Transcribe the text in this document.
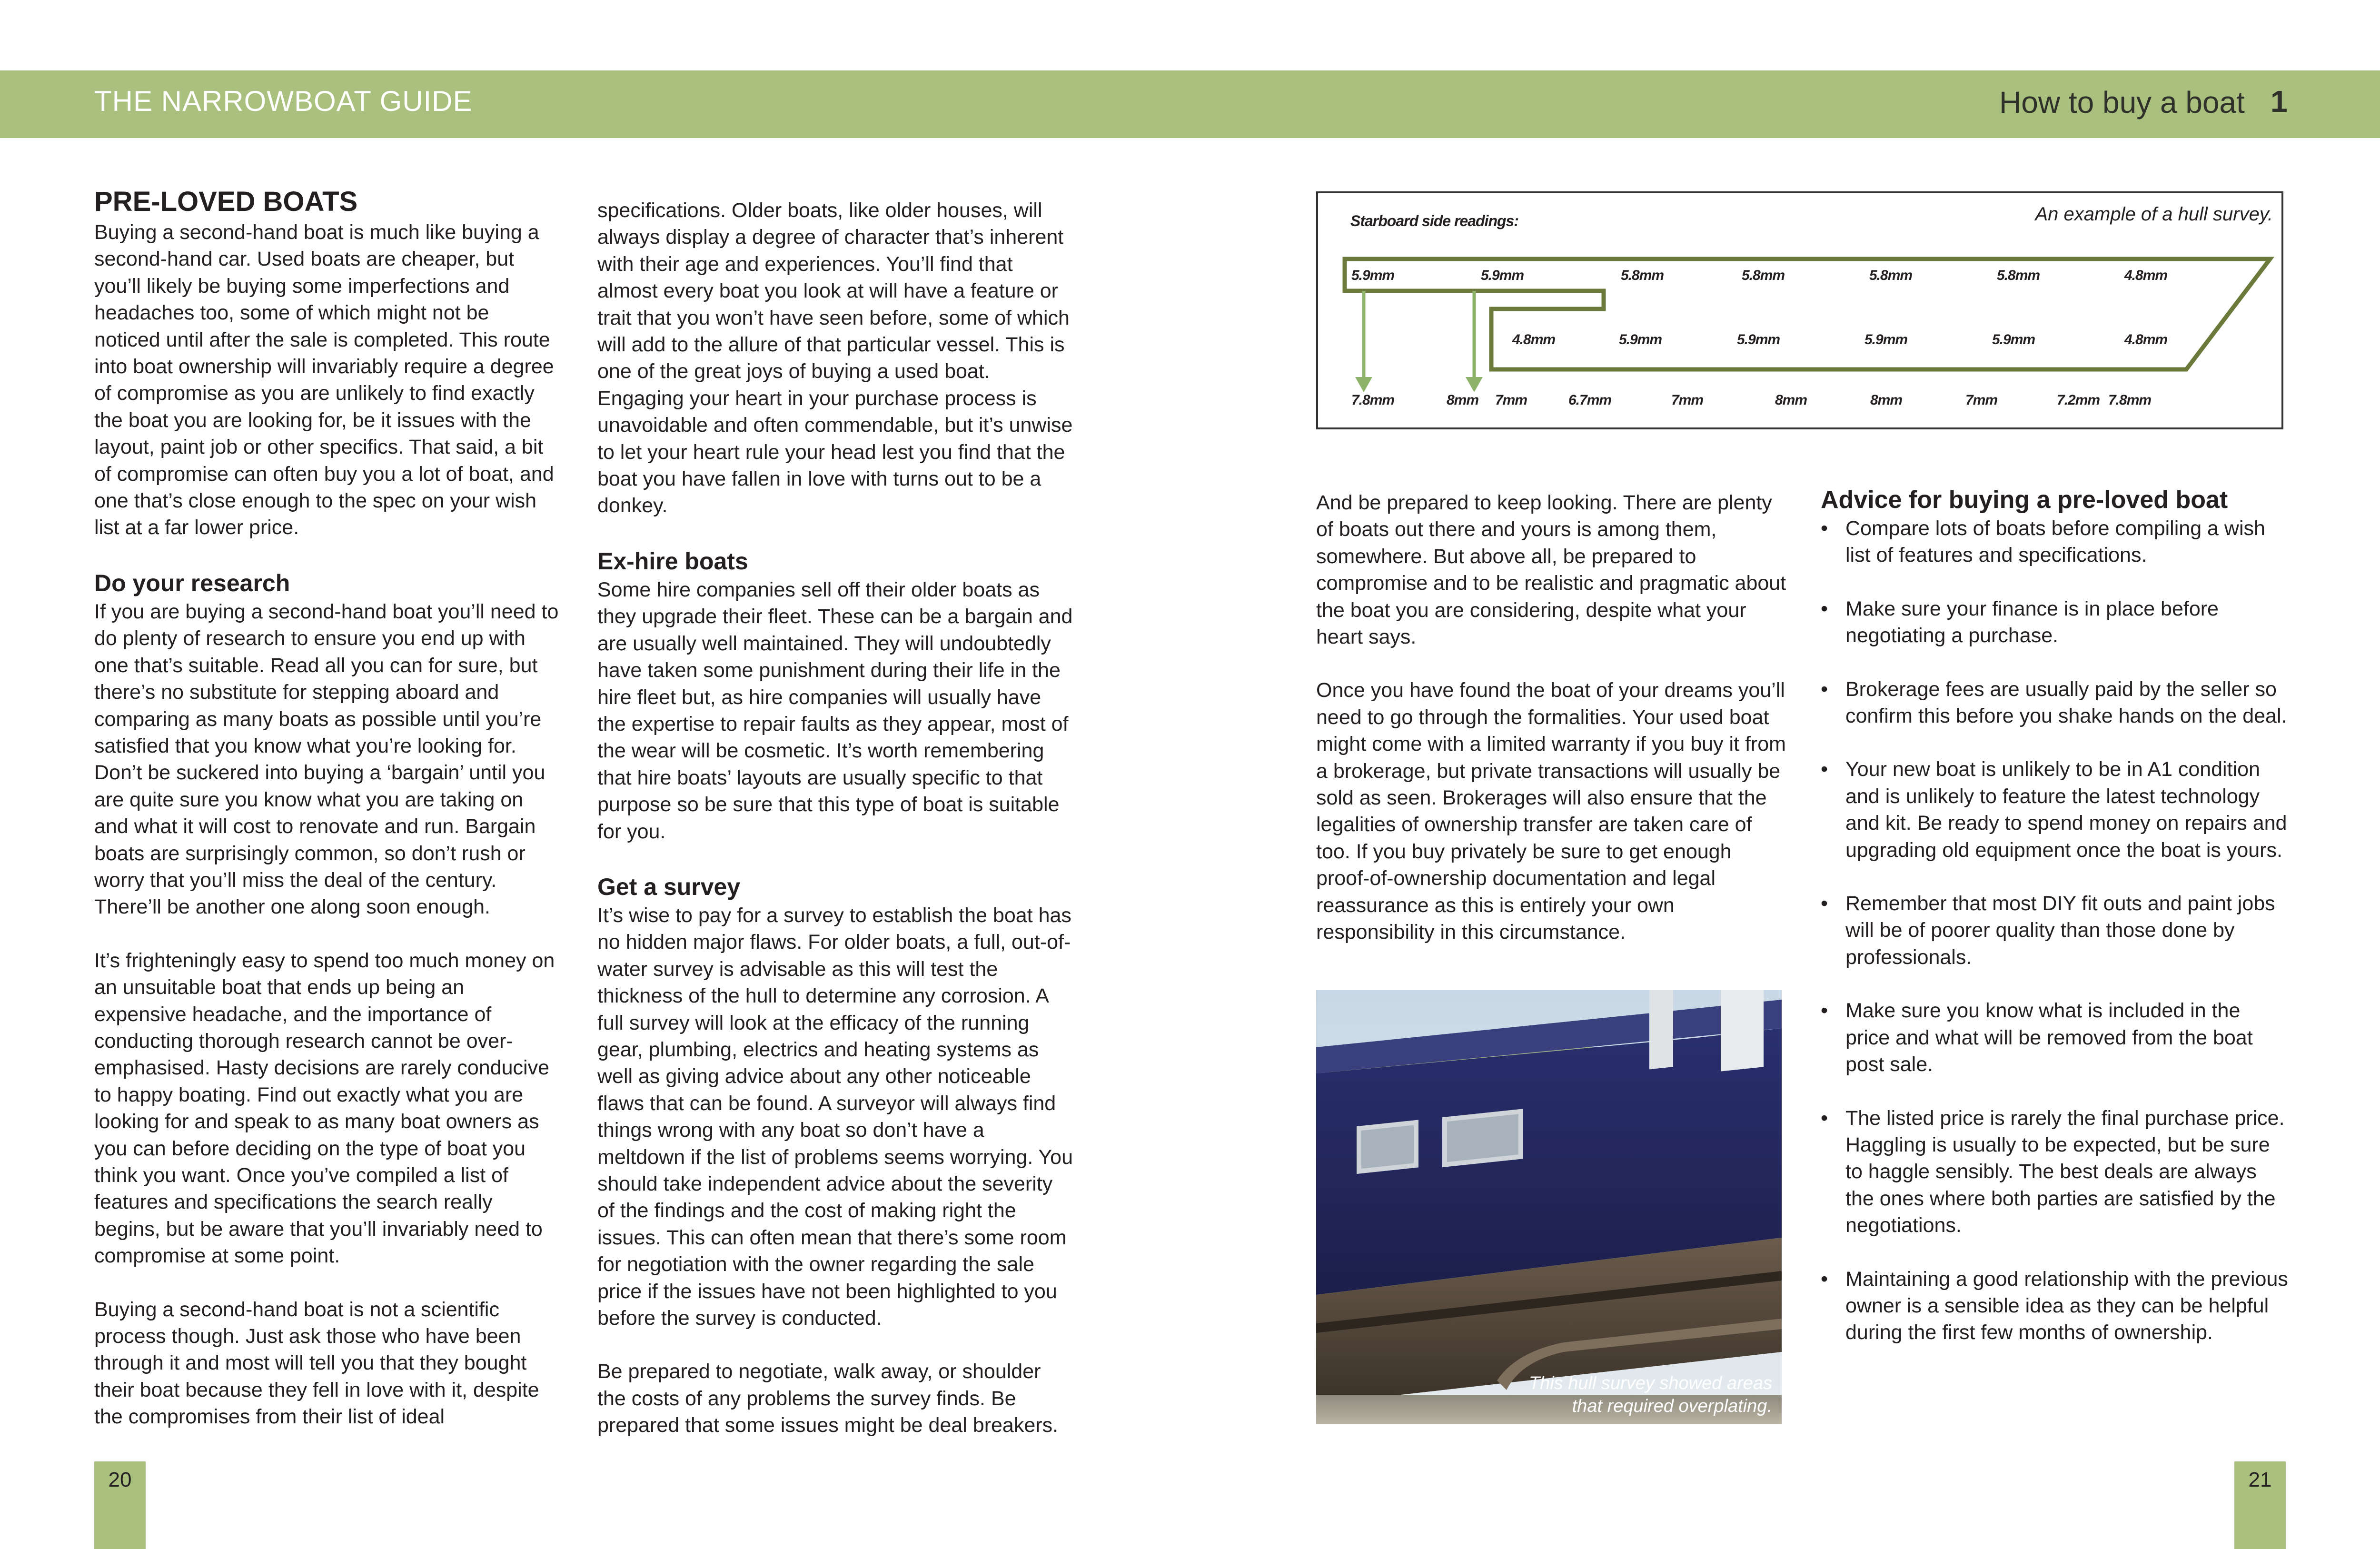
THE NARROWBOAT GUIDE	How to buy a boat 1
PRE-LOVED BOATS

Buying a second-hand boat is much like buying a second-hand car. Used boats are cheaper, but you’ll likely be buying some imperfections and headaches too, some of which might not be noticed until after the sale is completed. This route into boat ownership will invariably require a degree of compromise as you are unlikely to find exactly the boat you are looking for, be it issues with the layout, paint job or other specifics. That said, a bit of compromise can often buy you a lot of boat, and one that’s close enough to the spec on your wish list at a far lower price.

Do your research

If you are buying a second-hand boat you’ll need to do plenty of research to ensure you end up with one that’s suitable. Read all you can for sure, but there’s no substitute for stepping aboard and comparing as many boats as possible until you’re satisfied that you know what you’re looking for. Don’t be suckered into buying a ‘bargain’ until you are quite sure you know what you are taking on and what it will cost to renovate and run. Bargain boats are surprisingly common, so don’t rush or worry that you’ll miss the deal of the century. There’ll be another one along soon enough.

It’s frighteningly easy to spend too much money on an unsuitable boat that ends up being an expensive headache, and the importance of conducting thorough research cannot be over-emphasised. Hasty decisions are rarely conducive to happy boating. Find out exactly what you are looking for and speak to as many boat owners as you can before deciding on the type of boat you think you want. Once you’ve compiled a list of features and specifications the search really begins, but be aware that you’ll invariably need to compromise at some point.

Buying a second-hand boat is not a scientific process though. Just ask those who have been through it and most will tell you that they bought their boat because they fell in love with it, despite the compromises from their list of ideal

specifications. Older boats, like older houses, will always display a degree of character that’s inherent with their age and experiences. You’ll find that almost every boat you look at will have a feature or trait that you won’t have seen before, some of which will add to the allure of that particular vessel. This is one of the great joys of buying a used boat. Engaging your heart in your purchase process is unavoidable and often commendable, but it’s unwise to let your heart rule your head lest you find that the boat you have fallen in love with turns out to be a donkey.

Ex-hire boats

Some hire companies sell off their older boats as they upgrade their fleet. These can be a bargain and are usually well maintained. They will undoubtedly have taken some punishment during their life in the hire fleet but, as hire companies will usually have the expertise to repair faults as they appear, most of the wear will be cosmetic. It’s worth remembering that hire boats’ layouts are usually specific to that purpose so be sure that this type of boat is suitable for you.

Get a survey

It’s wise to pay for a survey to establish the boat has no hidden major flaws. For older boats, a full, out-of-water survey is advisable as this will test the thickness of the hull to determine any corrosion. A full survey will look at the efficacy of the running gear, plumbing, electrics and heating systems as well as giving advice about any other noticeable flaws that can be found. A surveyor will always find things wrong with any boat so don’t have a meltdown if the list of problems seems worrying. You should take independent advice about the severity of the findings and the cost of making right the issues. This can often mean that there’s some room for negotiation with the owner regarding the sale price if the issues have not been highlighted to you before the survey is conducted.

Be prepared to negotiate, walk away, or shoulder the costs of any problems the survey finds. Be prepared that some issues might be deal breakers.

Starboard side readings:	An example of a hull survey.
5.9mm	5.9mm	5.8mm	5.8mm	5.8mm	5.8mm	4.8mm
4.8mm	5.9mm	5.9mm	5.9mm	5.9mm	4.8mm
7.8mm	8mm 7mm	6.7mm	7mm	8mm	8mm	7mm	7.2mm 7.8mm

And be prepared to keep looking. There are plenty of boats out there and yours is among them, somewhere. But above all, be prepared to compromise and to be realistic and pragmatic about the boat you are considering, despite what your heart says.

Once you have found the boat of your dreams you’ll need to go through the formalities. Your used boat might come with a limited warranty if you buy it from a brokerage, but private transactions will usually be sold as seen. Brokerages will also ensure that the legalities of ownership transfer are taken care of too. If you buy privately be sure to get enough proof-of-ownership documentation and legal reassurance as this is entirely your own responsibility in this circumstance.

This hull survey showed areas that required overplating.
Advice for buying a pre-loved boat
• Compare lots of boats before compiling a wish list of features and specifications.
• Make sure your finance is in place before negotiating a purchase.
• Brokerage fees are usually paid by the seller so confirm this before you shake hands on the deal.
• Your new boat is unlikely to be in A1 condition and is unlikely to feature the latest technology and kit. Be ready to spend money on repairs and upgrading old equipment once the boat is yours.
• Remember that most DIY fit outs and paint jobs will be of poorer quality than those done by professionals.
• Make sure you know what is included in the price and what will be removed from the boat post sale.
• The listed price is rarely the final purchase price. Haggling is usually to be expected, but be sure to haggle sensibly. The best deals are always the ones where both parties are satisfied by the negotiations.
• Maintaining a good relationship with the previous owner is a sensible idea as they can be helpful during the first few months of ownership.
20	21
